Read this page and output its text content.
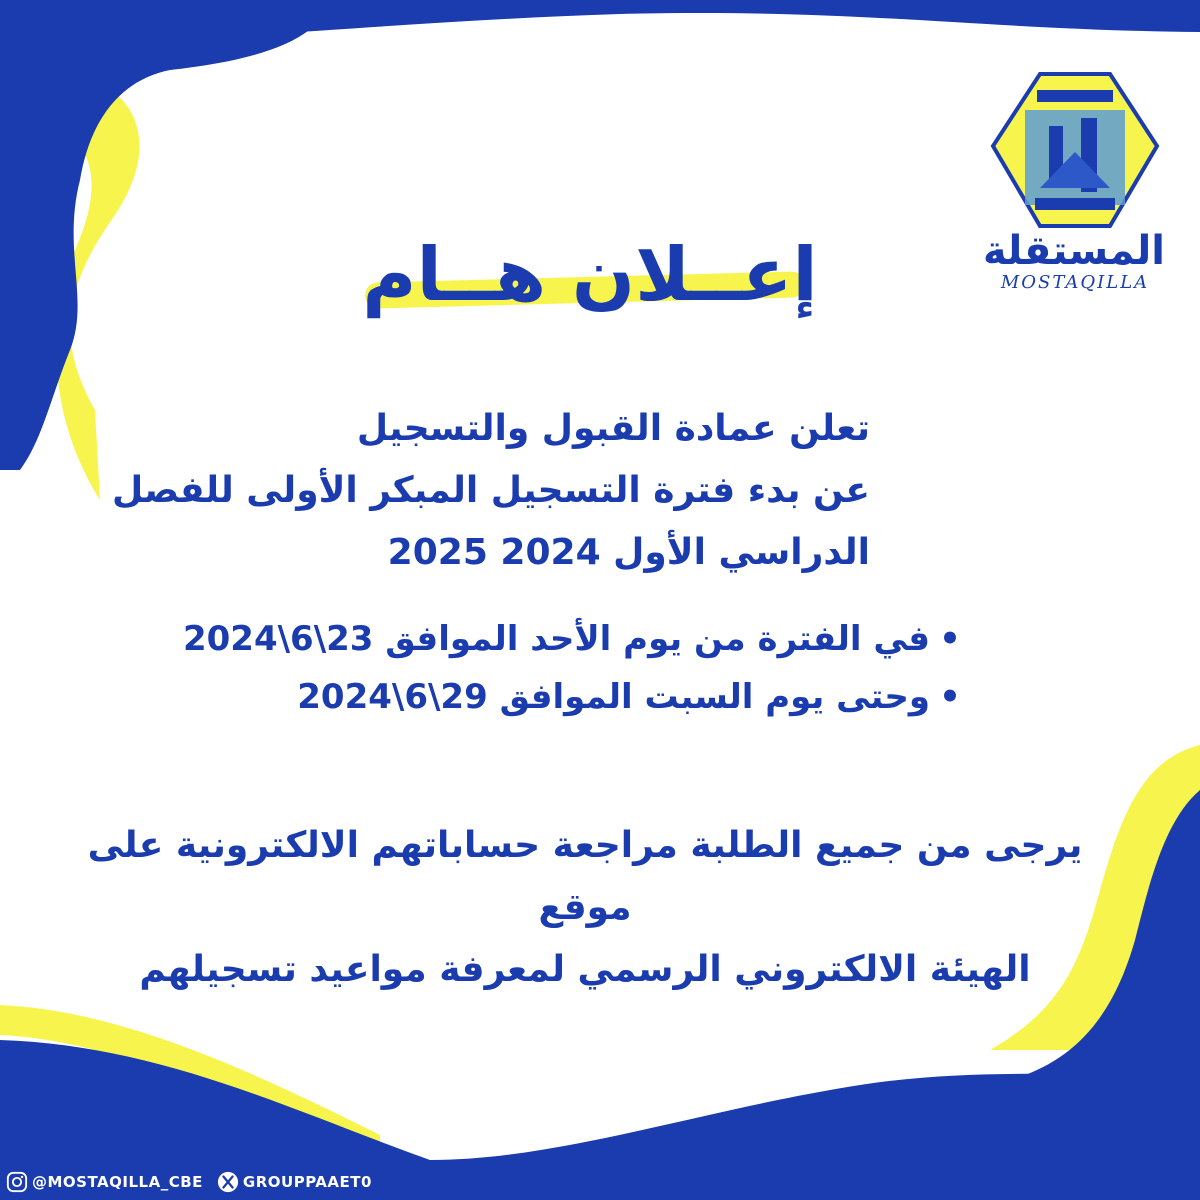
المستقلة
MOSTAQILLA
إعــلان هــام
تعلن عمادة القبول والتسجيل
عن بدء فترة التسجيل المبكر الأولى للفصل الدراسي الأول 2024 2025
• في الفترة من يوم الأحد الموافق 23\6\2024
• وحتى يوم السبت الموافق 29\6\2024
يرجى من جميع الطلبة مراجعة حساباتهم الالكترونية على موقع
الهيئة الالكتروني الرسمي لمعرفة مواعيد تسجيلهم
@MOSTAQILLA_CBE	GROUPPAAET0
